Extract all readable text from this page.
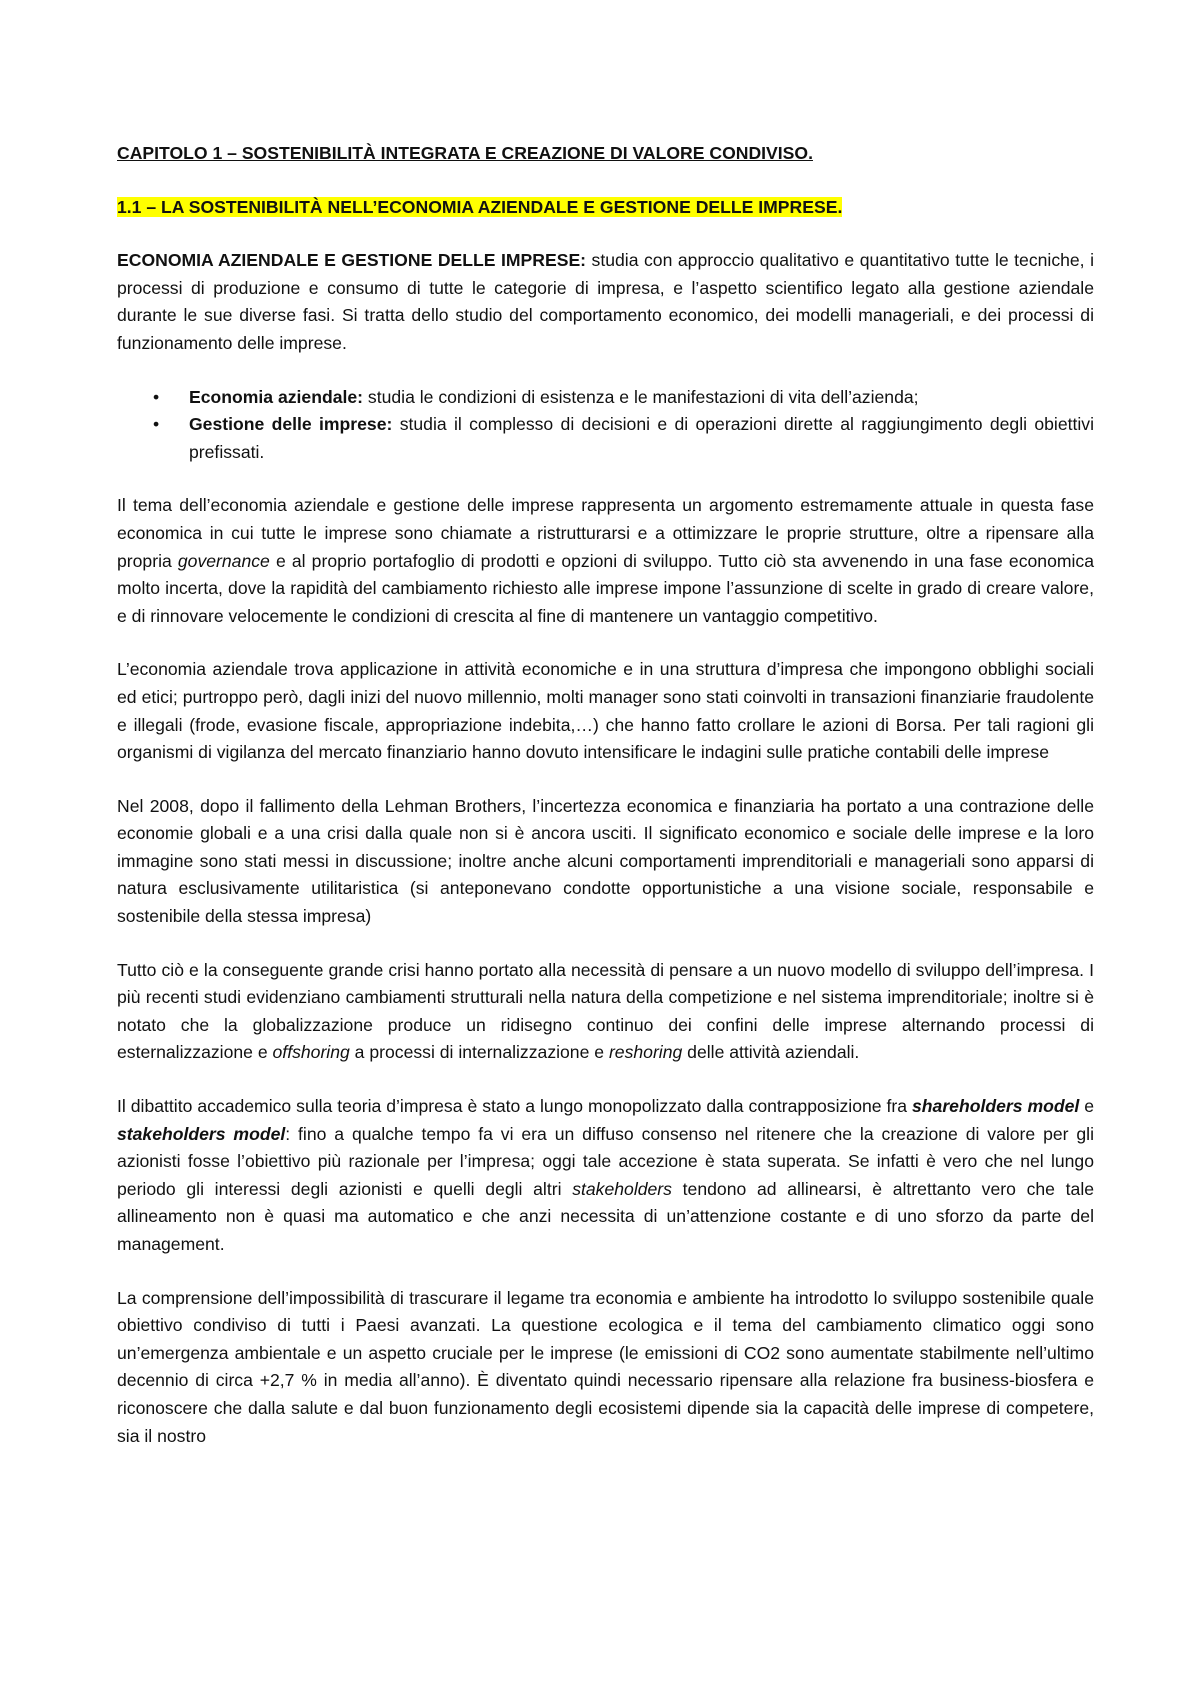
CAPITOLO 1 – SOSTENIBILITÀ INTEGRATA E CREAZIONE DI VALORE CONDIVISO.
1.1 – LA SOSTENIBILITÀ NELL’ECONOMIA AZIENDALE E GESTIONE DELLE IMPRESE.

ECONOMIA AZIENDALE E GESTIONE DELLE IMPRESE: studia con approccio qualitativo e quantitativo tutte le tecniche, i processi di produzione e consumo di tutte le categorie di impresa, e l’aspetto scientifico legato alla gestione aziendale durante le sue diverse fasi. Si tratta dello studio del comportamento economico, dei modelli manageriali, e dei processi di funzionamento delle imprese.

• Economia aziendale: studia le condizioni di esistenza e le manifestazioni di vita dell’azienda;
• Gestione delle imprese: studia il complesso di decisioni e di operazioni dirette al raggiungimento degli obiettivi prefissati.

Il tema dell’economia aziendale e gestione delle imprese rappresenta un argomento estremamente attuale in questa fase economica in cui tutte le imprese sono chiamate a ristrutturarsi e a ottimizzare le proprie strutture, oltre a ripensare alla propria governance e al proprio portafoglio di prodotti e opzioni di sviluppo. Tutto ciò sta avvenendo in una fase economica molto incerta, dove la rapidità del cambiamento richiesto alle imprese impone l’assunzione di scelte in grado di creare valore, e di rinnovare velocemente le condizioni di crescita al fine di mantenere un vantaggio competitivo.

L’economia aziendale trova applicazione in attività economiche e in una struttura d’impresa che impongono obblighi sociali ed etici; purtroppo però, dagli inizi del nuovo millennio, molti manager sono stati coinvolti in transazioni finanziarie fraudolente e illegali (frode, evasione fiscale, appropriazione indebita,…) che hanno fatto crollare le azioni di Borsa. Per tali ragioni gli organismi di vigilanza del mercato finanziario hanno dovuto intensificare le indagini sulle pratiche contabili delle imprese

Nel 2008, dopo il fallimento della Lehman Brothers, l’incertezza economica e finanziaria ha portato a una contrazione delle economie globali e a una crisi dalla quale non si è ancora usciti. Il significato economico e sociale delle imprese e la loro immagine sono stati messi in discussione; inoltre anche alcuni comportamenti imprenditoriali e manageriali sono apparsi di natura esclusivamente utilitaristica (si anteponevano condotte opportunistiche a una visione sociale, responsabile e sostenibile della stessa impresa)

Tutto ciò e la conseguente grande crisi hanno portato alla necessità di pensare a un nuovo modello di sviluppo dell’impresa. I più recenti studi evidenziano cambiamenti strutturali nella natura della competizione e nel sistema imprenditoriale; inoltre si è notato che la globalizzazione produce un ridisegno continuo dei confini delle imprese alternando processi di esternalizzazione e offshoring a processi di internalizzazione e reshoring delle attività aziendali.

Il dibattito accademico sulla teoria d’impresa è stato a lungo monopolizzato dalla contrapposizione fra shareholders model e stakeholders model: fino a qualche tempo fa vi era un diffuso consenso nel ritenere che la creazione di valore per gli azionisti fosse l’obiettivo più razionale per l’impresa; oggi tale accezione è stata superata. Se infatti è vero che nel lungo periodo gli interessi degli azionisti e quelli degli altri stakeholders tendono ad allinearsi, è altrettanto vero che tale allineamento non è quasi ma automatico e che anzi necessita di un’attenzione costante e di uno sforzo da parte del management.

La comprensione dell’impossibilità di trascurare il legame tra economia e ambiente ha introdotto lo sviluppo sostenibile quale obiettivo condiviso di tutti i Paesi avanzati. La questione ecologica e il tema del cambiamento climatico oggi sono un’emergenza ambientale e un aspetto cruciale per le imprese (le emissioni di CO2 sono aumentate stabilmente nell’ultimo decennio di circa +2,7 % in media all’anno). È diventato quindi necessario ripensare alla relazione fra business-biosfera e riconoscere che dalla salute e dal buon funzionamento degli ecosistemi dipende sia la capacità delle imprese di competere, sia il nostro
